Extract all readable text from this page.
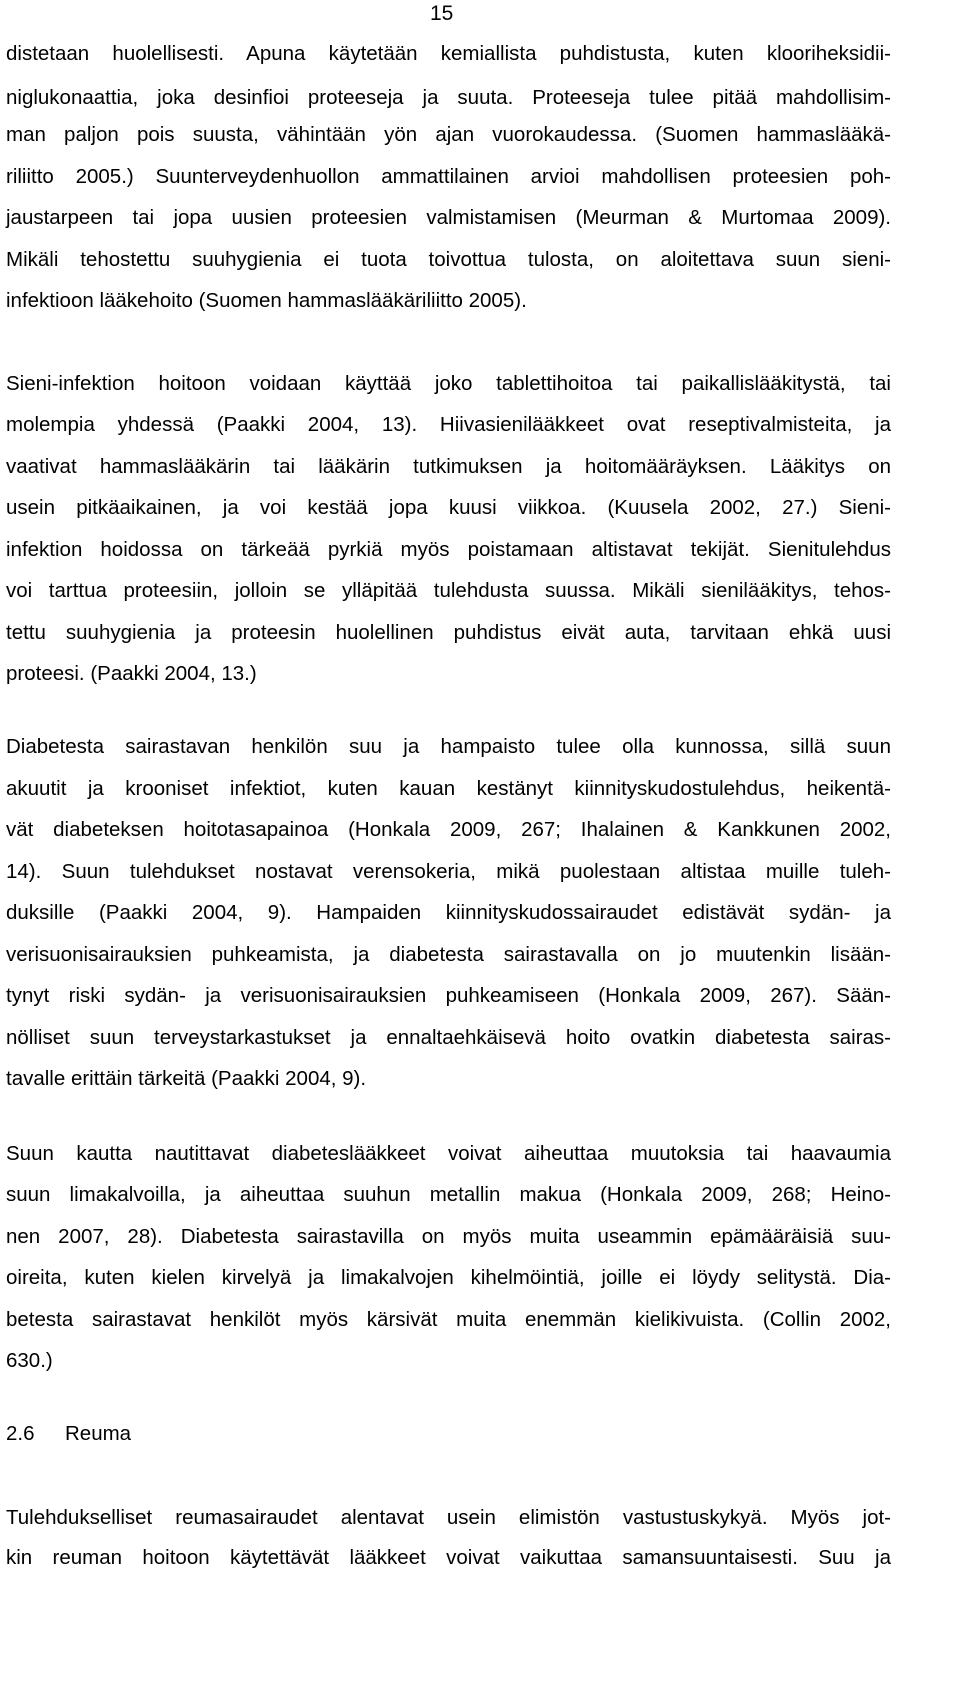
15
distetaan huolellisesti. Apuna käytetään kemiallista puhdistusta, kuten klooriheksidii-
niglukonaattia, joka desinfioi proteeseja ja suuta. Proteeseja tulee pitää mahdollisim-
man paljon pois suusta, vähintään yön ajan vuorokaudessa. (Suomen hammaslääkä-
riliitto 2005.) Suunterveydenhuollon ammattilainen arvioi mahdollisen proteesien poh-
jaustarpeen tai jopa uusien proteesien valmistamisen (Meurman & Murtomaa 2009).
Mikäli tehostettu suuhygienia ei tuota toivottua tulosta, on aloitettava suun sieni-
infektioon lääkehoito (Suomen hammaslääkäriliitto 2005).
Sieni-infektion hoitoon voidaan käyttää joko tablettihoitoa tai paikallislääkitystä, tai
molempia yhdessä (Paakki 2004, 13). Hiivasienilääkkeet ovat reseptivalmisteita, ja
vaativat hammaslääkärin tai lääkärin tutkimuksen ja hoitomääräyksen. Lääkitys on
usein pitkäaikainen, ja voi kestää jopa kuusi viikkoa. (Kuusela 2002, 27.) Sieni-
infektion hoidossa on tärkeää pyrkiä myös poistamaan altistavat tekijät. Sienitulehdus
voi tarttua proteesiin, jolloin se ylläpitää tulehdusta suussa. Mikäli sienilääkitys, tehos-
tettu suuhygienia ja proteesin huolellinen puhdistus eivät auta, tarvitaan ehkä uusi
proteesi. (Paakki 2004, 13.)
Diabetesta sairastavan henkilön suu ja hampaisto tulee olla kunnossa, sillä suun
akuutit ja krooniset infektiot, kuten kauan kestänyt kiinnityskudostulehdus, heikentä-
vät diabeteksen hoitotasapainoa (Honkala 2009, 267; Ihalainen & Kankkunen 2002,
14). Suun tulehdukset nostavat verensokeria, mikä puolestaan altistaa muille tuleh-
duksille (Paakki 2004, 9). Hampaiden kiinnityskudossairaudet edistävät sydän- ja
verisuonisairauksien puhkeamista, ja diabetesta sairastavalla on jo muutenkin lisään-
tynyt riski sydän- ja verisuonisairauksien puhkeamiseen (Honkala 2009, 267). Sään-
nölliset suun terveystarkastukset ja ennaltaehkäisevä hoito ovatkin diabetesta sairas-
tavalle erittäin tärkeitä (Paakki 2004, 9).
Suun kautta nautittavat diabeteslääkkeet voivat aiheuttaa muutoksia tai haavaumia
suun limakalvoilla, ja aiheuttaa suuhun metallin makua (Honkala 2009, 268; Heino-
nen 2007, 28). Diabetesta sairastavilla on myös muita useammin epämääräisiä suu-
oireita, kuten kielen kirvelyä ja limakalvojen kihelmöintiä, joille ei löydy selitystä. Dia-
betesta sairastavat henkilöt myös kärsivät muita enemmän kielikivuista. (Collin 2002,
630.)
2.6 Reuma
Tulehdukselliset reumasairaudet alentavat usein elimistön vastustuskykyä. Myös jot-
kin reuman hoitoon käytettävät lääkkeet voivat vaikuttaa samansuuntaisesti. Suu ja
